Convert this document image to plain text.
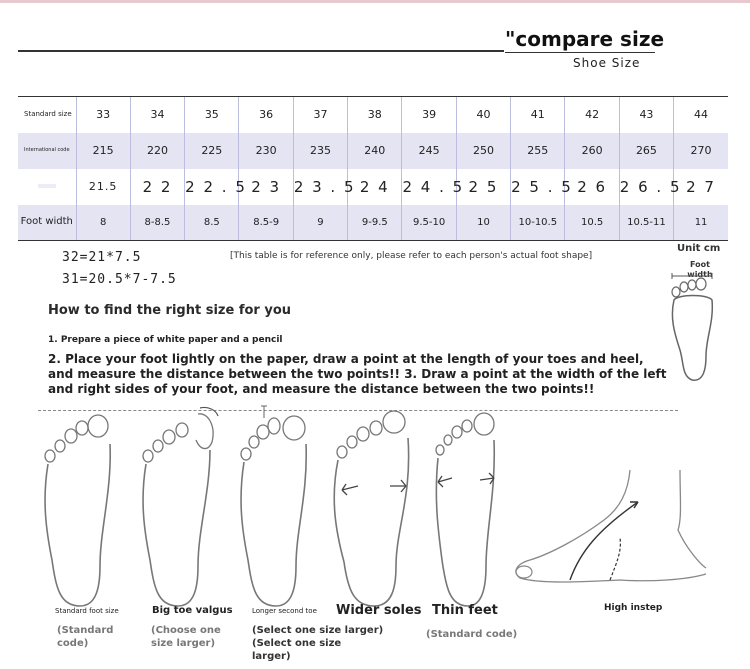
"compare size
Shoe Size
Standard size	33	34	35	36	37	38	39	40	41	42	43	44
International code	215	220	225	230	235	240	245	250	255	260	265	270
	21.5	2 2	2 2 . 5	2 3	2 3 . 5	2 4	2 4 . 5	2 5	2 5 . 5	2 6	2 6 . 5	2 7
Foot width	8	8-8.5	8.5	8.5-9	9	9-9.5	9.5-10	10	10-10.5	10.5	10.5-11	11
32=21*7.5
31=20.5*7-7.5
[This table is for reference only, please refer to each person's actual foot shape]
Unit cm
Foot width
How to find the right size for you
1. Prepare a piece of white paper and a pencil
2. Place your foot lightly on the paper, draw a point at the length of your toes and heel, and measure the distance between the two points!! 3. Draw a point at the width of the left and right sides of your foot, and measure the distance between the two points!!
Standard foot size	Big toe valgus	Longer second toe Wider soles Thin feet	High instep
(Standard code)
(Choose one size larger)
(Select one size larger)
(Select one size larger)
(Standard code)
